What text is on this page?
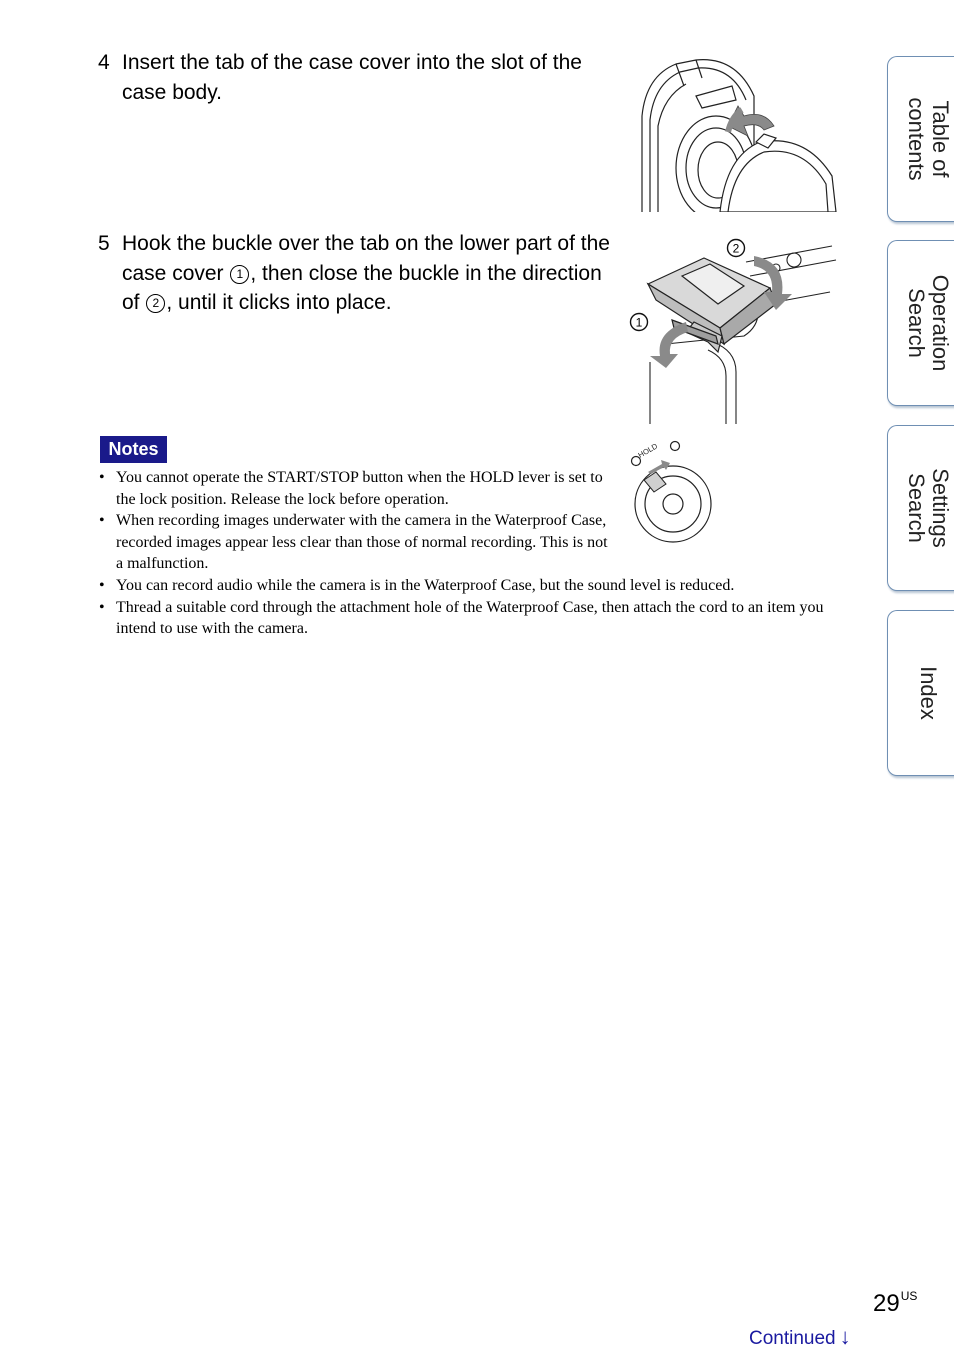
4 Insert the tab of the case cover into the slot of the case body.
5 Hook the buckle over the tab on the lower part of the case cover 1 , then close the buckle in the direction of 2 , until it clicks into place.
2
1
Notes	HOLD
• You cannot operate the START/STOP button when the HOLD lever is set to the lock position. Release the lock before operation.
• When recording images underwater with the camera in the Waterproof Case, recorded images appear less clear than those of normal recording. This is not a malfunction.
• You can record audio while the camera is in the Waterproof Case, but the sound level is reduced.
• Thread a suitable cord through the attachment hole of the Waterproof Case, then attach the cord to an item you intend to use with the camera.
Table of
contents
Operation
Search
Settings
Search
Index
$29^{US}$
Continued ↓
